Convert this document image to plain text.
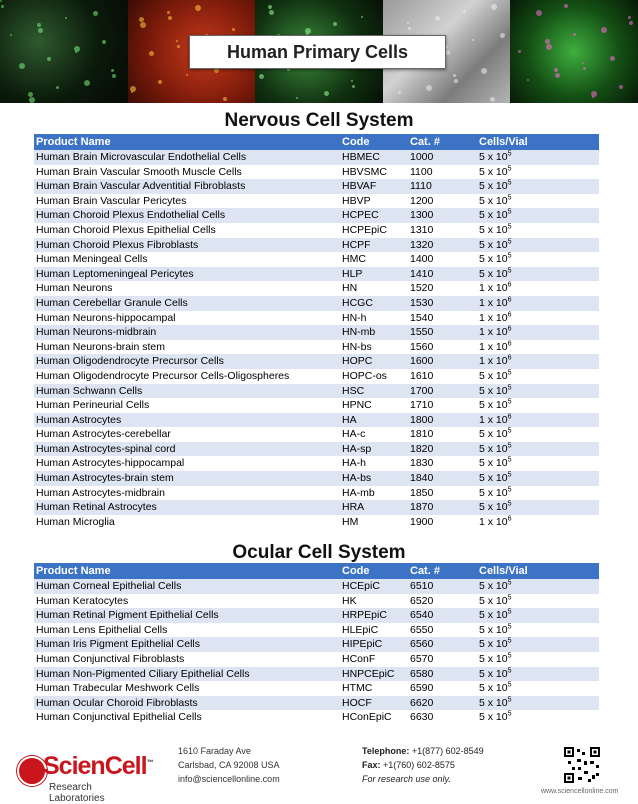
Human Primary Cells
Nervous Cell System
Product Name	Code	Cat. #	Cells/Vial
Human Brain Microvascular Endothelial Cells	HBMEC	1000	5 x $10^5$
Human Brain Vascular Smooth Muscle Cells	HBVSMC	1100	5 x $10^5$
Human Brain Vascular Adventitial Fibroblasts	HBVAF	1110	5 x $10^5$
Human Brain Vascular Pericytes	HBVP	1200	5 x $10^5$
Human Choroid Plexus Endothelial Cells	HCPEC	1300	5 x $10^5$
Human Choroid Plexus Epithelial Cells	HCPEpiC	1310	5 x $10^5$
Human Choroid Plexus Fibroblasts	HCPF	1320	5 x $10^5$
Human Meningeal Cells	HMC	1400	5 x $10^5$
Human Leptomeningeal Pericytes	HLP	1410	5 x $10^5$
Human Neurons	HN	1520	1 x $10^6$
Human Cerebellar Granule Cells	HCGC	1530	1 x $10^6$
Human Neurons-hippocampal	HN-h	1540	1 x $10^6$
Human Neurons-midbrain	HN-mb	1550	1 x $10^6$
Human Neurons-brain stem	HN-bs	1560	1 x $10^6$
Human Oligodendrocyte Precursor Cells	HOPC	1600	1 x $10^6$
Human Oligodendrocyte Precursor Cells-Oligospheres	HOPC-os	1610	5 x $10^5$
Human Schwann Cells	HSC	1700	5 x $10^5$
Human Perineurial Cells	HPNC	1710	5 x $10^5$
Human Astrocytes	HA	1800	1 x $10^6$
Human Astrocytes-cerebellar	HA-c	1810	5 x $10^5$
Human Astrocytes-spinal cord	HA-sp	1820	5 x $10^5$
Human Astrocytes-hippocampal	HA-h	1830	5 x $10^5$
Human Astrocytes-brain stem	HA-bs	1840	5 x $10^5$
Human Astrocytes-midbrain	HA-mb	1850	5 x $10^5$
Human Retinal Astrocytes	HRA	1870	5 x $10^5$
Human Microglia	HM	1900	1 x $10^6$
Ocular Cell System
Product Name	Code	Cat. #	Cells/Vial
Human Corneal Epithelial Cells	HCEpiC	6510	5 x $10^5$
Human Keratocytes	HK	6520	5 x $10^5$
Human Retinal Pigment Epithelial Cells	HRPEpiC	6540	5 x $10^5$
Human Lens Epithelial Cells	HLEpiC	6550	5 x $10^5$
Human Iris Pigment Epithelial Cells	HIPEpiC	6560	5 x $10^5$
Human Conjunctival Fibroblasts	HConF	6570	5 x $10^5$
Human Non-Pigmented Ciliary Epithelial Cells	HNPCEpiC	6580	5 x $10^5$
Human Trabecular Meshwork Cells	HTMC	6590	5 x $10^5$
Human Ocular Choroid Fibroblasts	HOCF	6620	5 x $10^5$
Human Conjunctival Epithelial Cells	HConEpiC	6630	5 x $10^5$
ScienCell™
Research Laboratories
1610 Faraday Ave
Carlsbad, CA 92008 USA
info@sciencellonline.com
Telephone: +1(877) 602-8549
Fax: +1(760) 602-8575
For research use only.
www.sciencellonline.com
